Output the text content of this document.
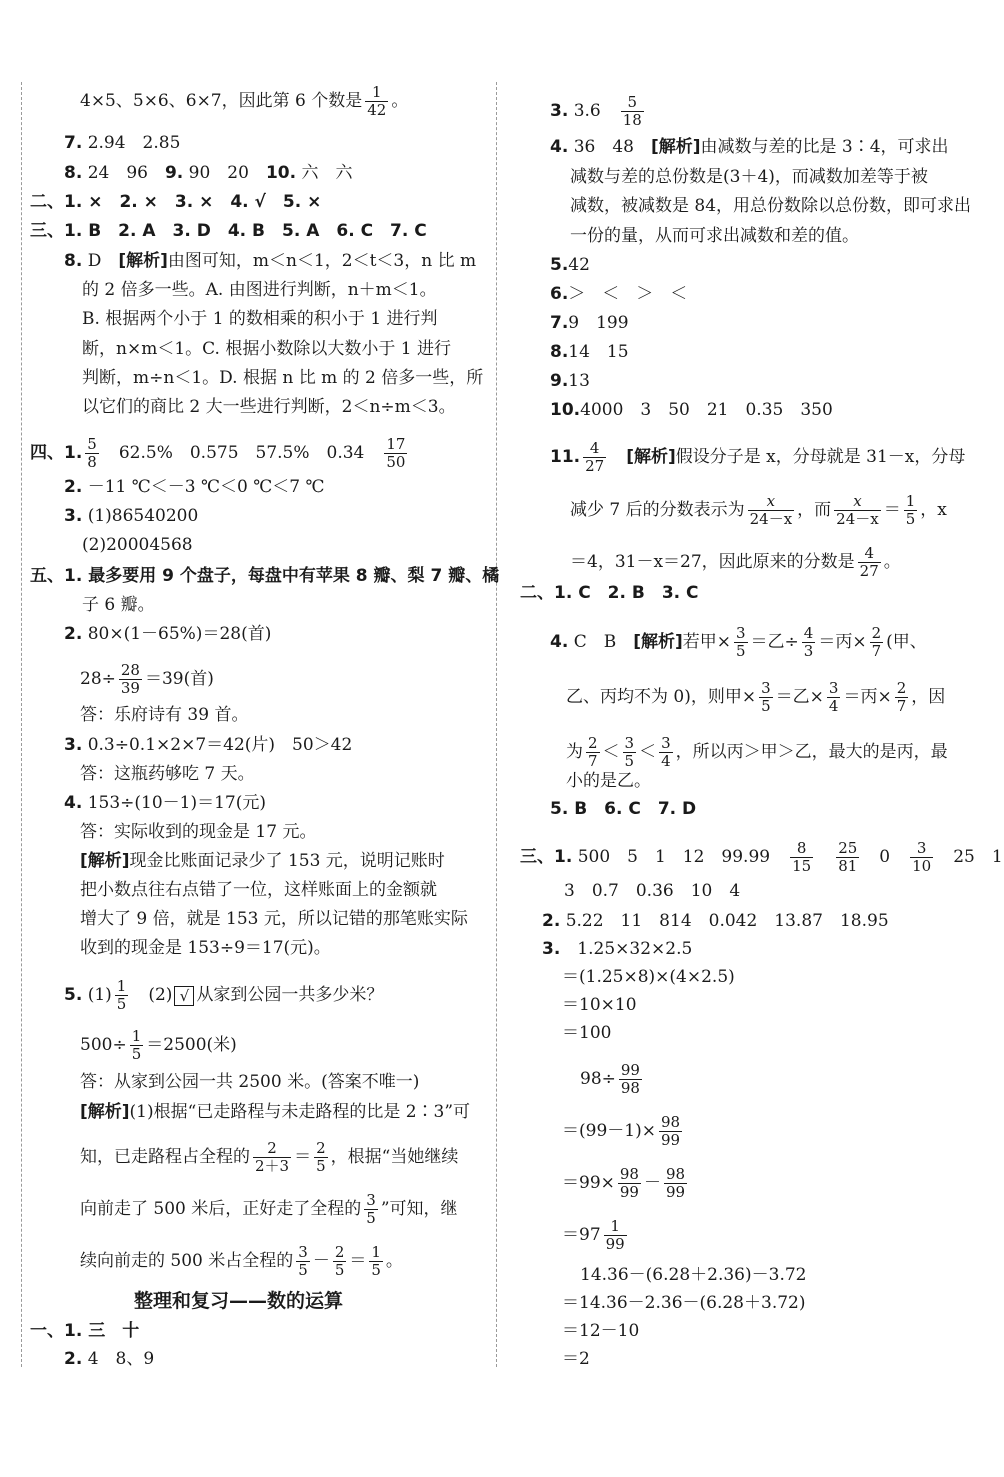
4×5、5×6、6×7，因此第 6 个数是 $\frac{1}{42}$ 。
7. 2.94　2.85
8. 24　96　 9. 90　20　 10. 六　六
二、1. ×　2. ×　3. ×　4. √　5. ×
三、1. B　2. A　3. D　4. B　5. A　6. C　7. C
8. D　 [解析]由图可知，m＜n＜1，2＜t＜3，n 比 m
的 2 倍多一些。A. 由图进行判断，n＋m＜1。
B. 根据两个小于 1 的数相乘的积小于 1 进行判
断，n×m＜1。C. 根据小数除以大数小于 1 进行
判断，m÷n＜1。D. 根据 n 比 m 的 2 倍多一些，所
以它们的商比 2 大一些进行判断，2＜n÷m＜3。
四、1. $\frac{5}{8}$
　 62.5%　0.575　57.5%　0.34　 $\frac{17}{50}$
2. －11 ℃＜－3 ℃＜0 ℃＜7 ℃
3. (1)86540200
(2)20004568
五、1. 最多要用 9 个盘子，每盘中有苹果 8 瓣、梨 7 瓣、橘
子 6 瓣。
2. 80×(1－65%)＝28(首)
$28\div \frac{28}{39} =39$(首)
答：乐府诗有 39 首。
3. 0.3÷0.1×2×7＝42(片)　50＞42
答：这瓶药够吃 7 天。
4. 153÷(10－1)＝17(元)
答：实际收到的现金是 17 元。
[解析]现金比账面记录少了 153 元，说明记账时
把小数点往右点错了一位，这样账面上的金额就
增大了 9 倍，就是 153 元，所以记错的那笔账实际
收到的现金是 153÷9＝17(元)。
5. $(1) \frac{1}{5}$
　 (2) √ 从家到公园一共多少米？
$500\div \frac{1}{5} =2500$(米)
答：从家到公园一共 2500 米。(答案不唯一)
[解析](1)根据“已走路程与未走路程的比是 2∶3”可
知，已走路程占全程的 $\frac{2}{2+3} = \frac{2}{5}$ ，根据“当她继续
向前走了 500 米后，正好走了全程的 $\frac{3}{5}$ ”可知，继
续向前走的 500 米占全程的 $\frac{3}{5} - \frac{2}{5} = \frac{1}{5}$ 。
整理和复习——数的运算
一、1. 三　十
2. 4　8、9
3. 3.6　 $\frac{5}{18}$
4. 36　48　 [解析]由减数与差的比是 3∶4，可求出
减数与差的总份数是(3＋4)，而减数加差等于被
减数，被减数是 84，用总份数除以总份数，即可求出
一份的量，从而可求出减数和差的值。
5.42
6.＞　＜　＞　＜
7.9　199
8.14　15
9.13
10.4000　3　50　21　0.35　350
11. $\frac{4}{27}$
　 [解析]假设分子是 x，分母就是 31－x，分母
减少 7 后的分数表示为 $\frac{x}{24-x}$ ，而 $\frac{x}{24-x} = \frac{1}{5}$ ，x
＝4，31－x＝27，因此原来的分数是 $\frac{4}{27}$ 。
二、1. C　2. B　3. C
4. C　B　 [解析]若甲× $\frac{3}{5}$ ＝乙÷ $\frac{4}{3}$ ＝丙× $\frac{2}{7}$ (甲、
乙、丙均不为 0)，则甲× $\frac{3}{5}$ ＝乙× $\frac{3}{4}$ ＝丙× $\frac{2}{7}$ ，因
为 $\frac{2}{7} < \frac{3}{5} < \frac{3}{4}$ ，所以丙＞甲＞乙，最大的是丙，最
小的是乙。
5. B　6. C　7. D
三、1. 500　5　1　12　99.99　 $\frac{8}{15}$
　 $\frac{25}{81}$
　 0　 $\frac{3}{10}$
　 25　1
3　0.7　0.36　10　4
2. 5.22　11　814　0.042　13.87　18.95
3.　 1.25×32×2.5
＝(1.25×8)×(4×2.5)
＝10×10
＝100
$98\div \frac{99}{98}$
$=(99-1)\times \frac{98}{99}$
$=99\times \frac{98}{99} - \frac{98}{99}$
$=97 \frac{1}{99}$
14.36－(6.28＋2.36)－3.72
＝14.36－2.36－(6.28＋3.72)
＝12－10
＝2
